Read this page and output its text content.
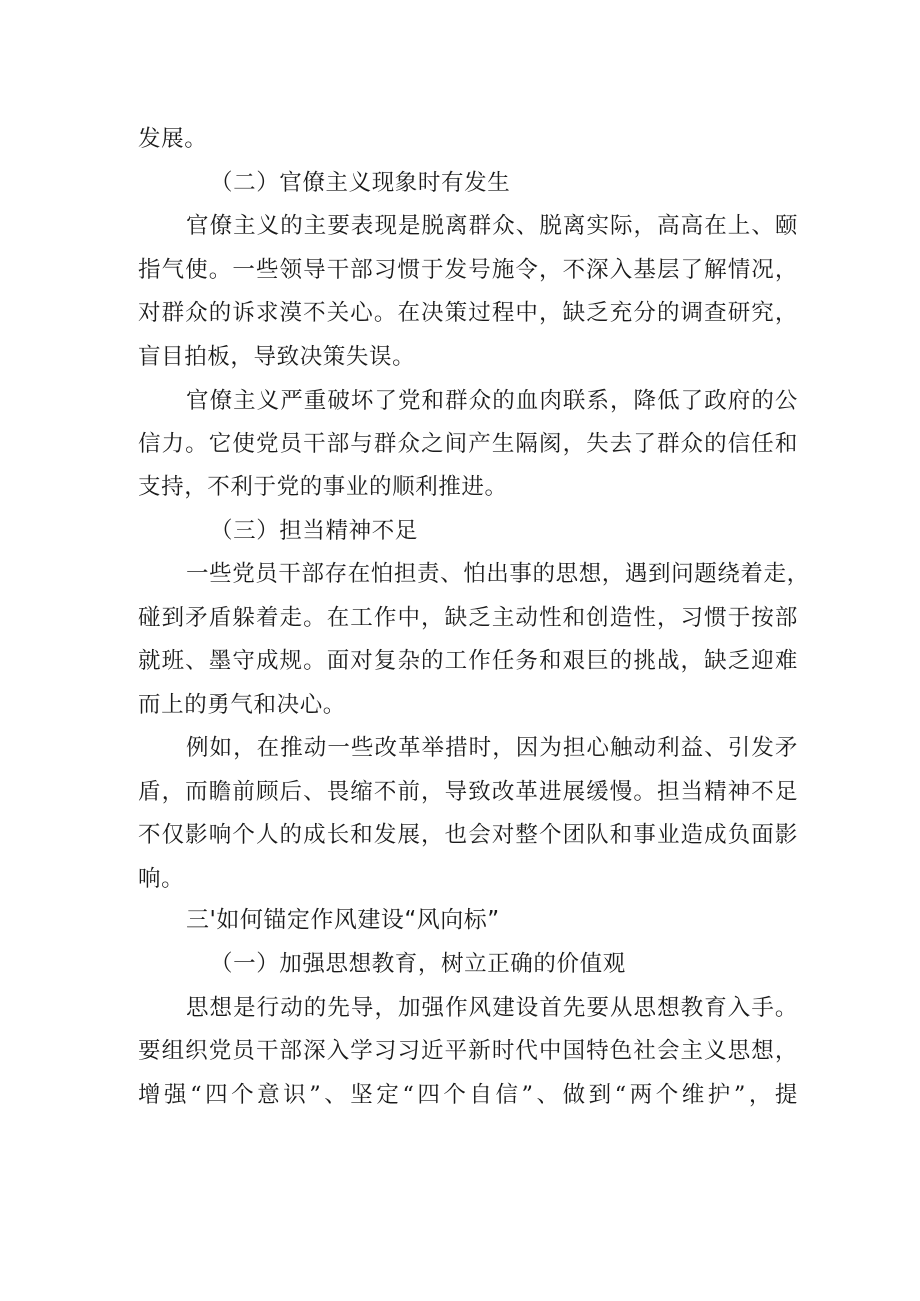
发展。
（二）官僚主义现象时有发生
官僚主义的主要表现是脱离群众、脱离实际，高高在上、颐
指气使。一些领导干部习惯于发号施令，不深入基层了解情况，
对群众的诉求漠不关心。在决策过程中，缺乏充分的调查研究，
盲目拍板，导致决策失误。
官僚主义严重破坏了党和群众的血肉联系，降低了政府的公
信力。它使党员干部与群众之间产生隔阂，失去了群众的信任和
支持，不利于党的事业的顺利推进。
（三）担当精神不足
一些党员干部存在怕担责、怕出事的思想，遇到问题绕着走，
碰到矛盾躲着走。在工作中，缺乏主动性和创造性，习惯于按部
就班、墨守成规。面对复杂的工作任务和艰巨的挑战，缺乏迎难
而上的勇气和决心。
例如，在推动一些改革举措时，因为担心触动利益、引发矛
盾，而瞻前顾后、畏缩不前，导致改革进展缓慢。担当精神不足
不仅影响个人的成长和发展，也会对整个团队和事业造成负面影
响。
三'如何锚定作风建设“风向标”
（一）加强思想教育，树立正确的价值观
思想是行动的先导，加强作风建设首先要从思想教育入手。
要组织党员干部深入学习习近平新时代中国特色社会主义思想，
增强“四个意识”、坚定“四个自信”、做到“两个维护”，提
